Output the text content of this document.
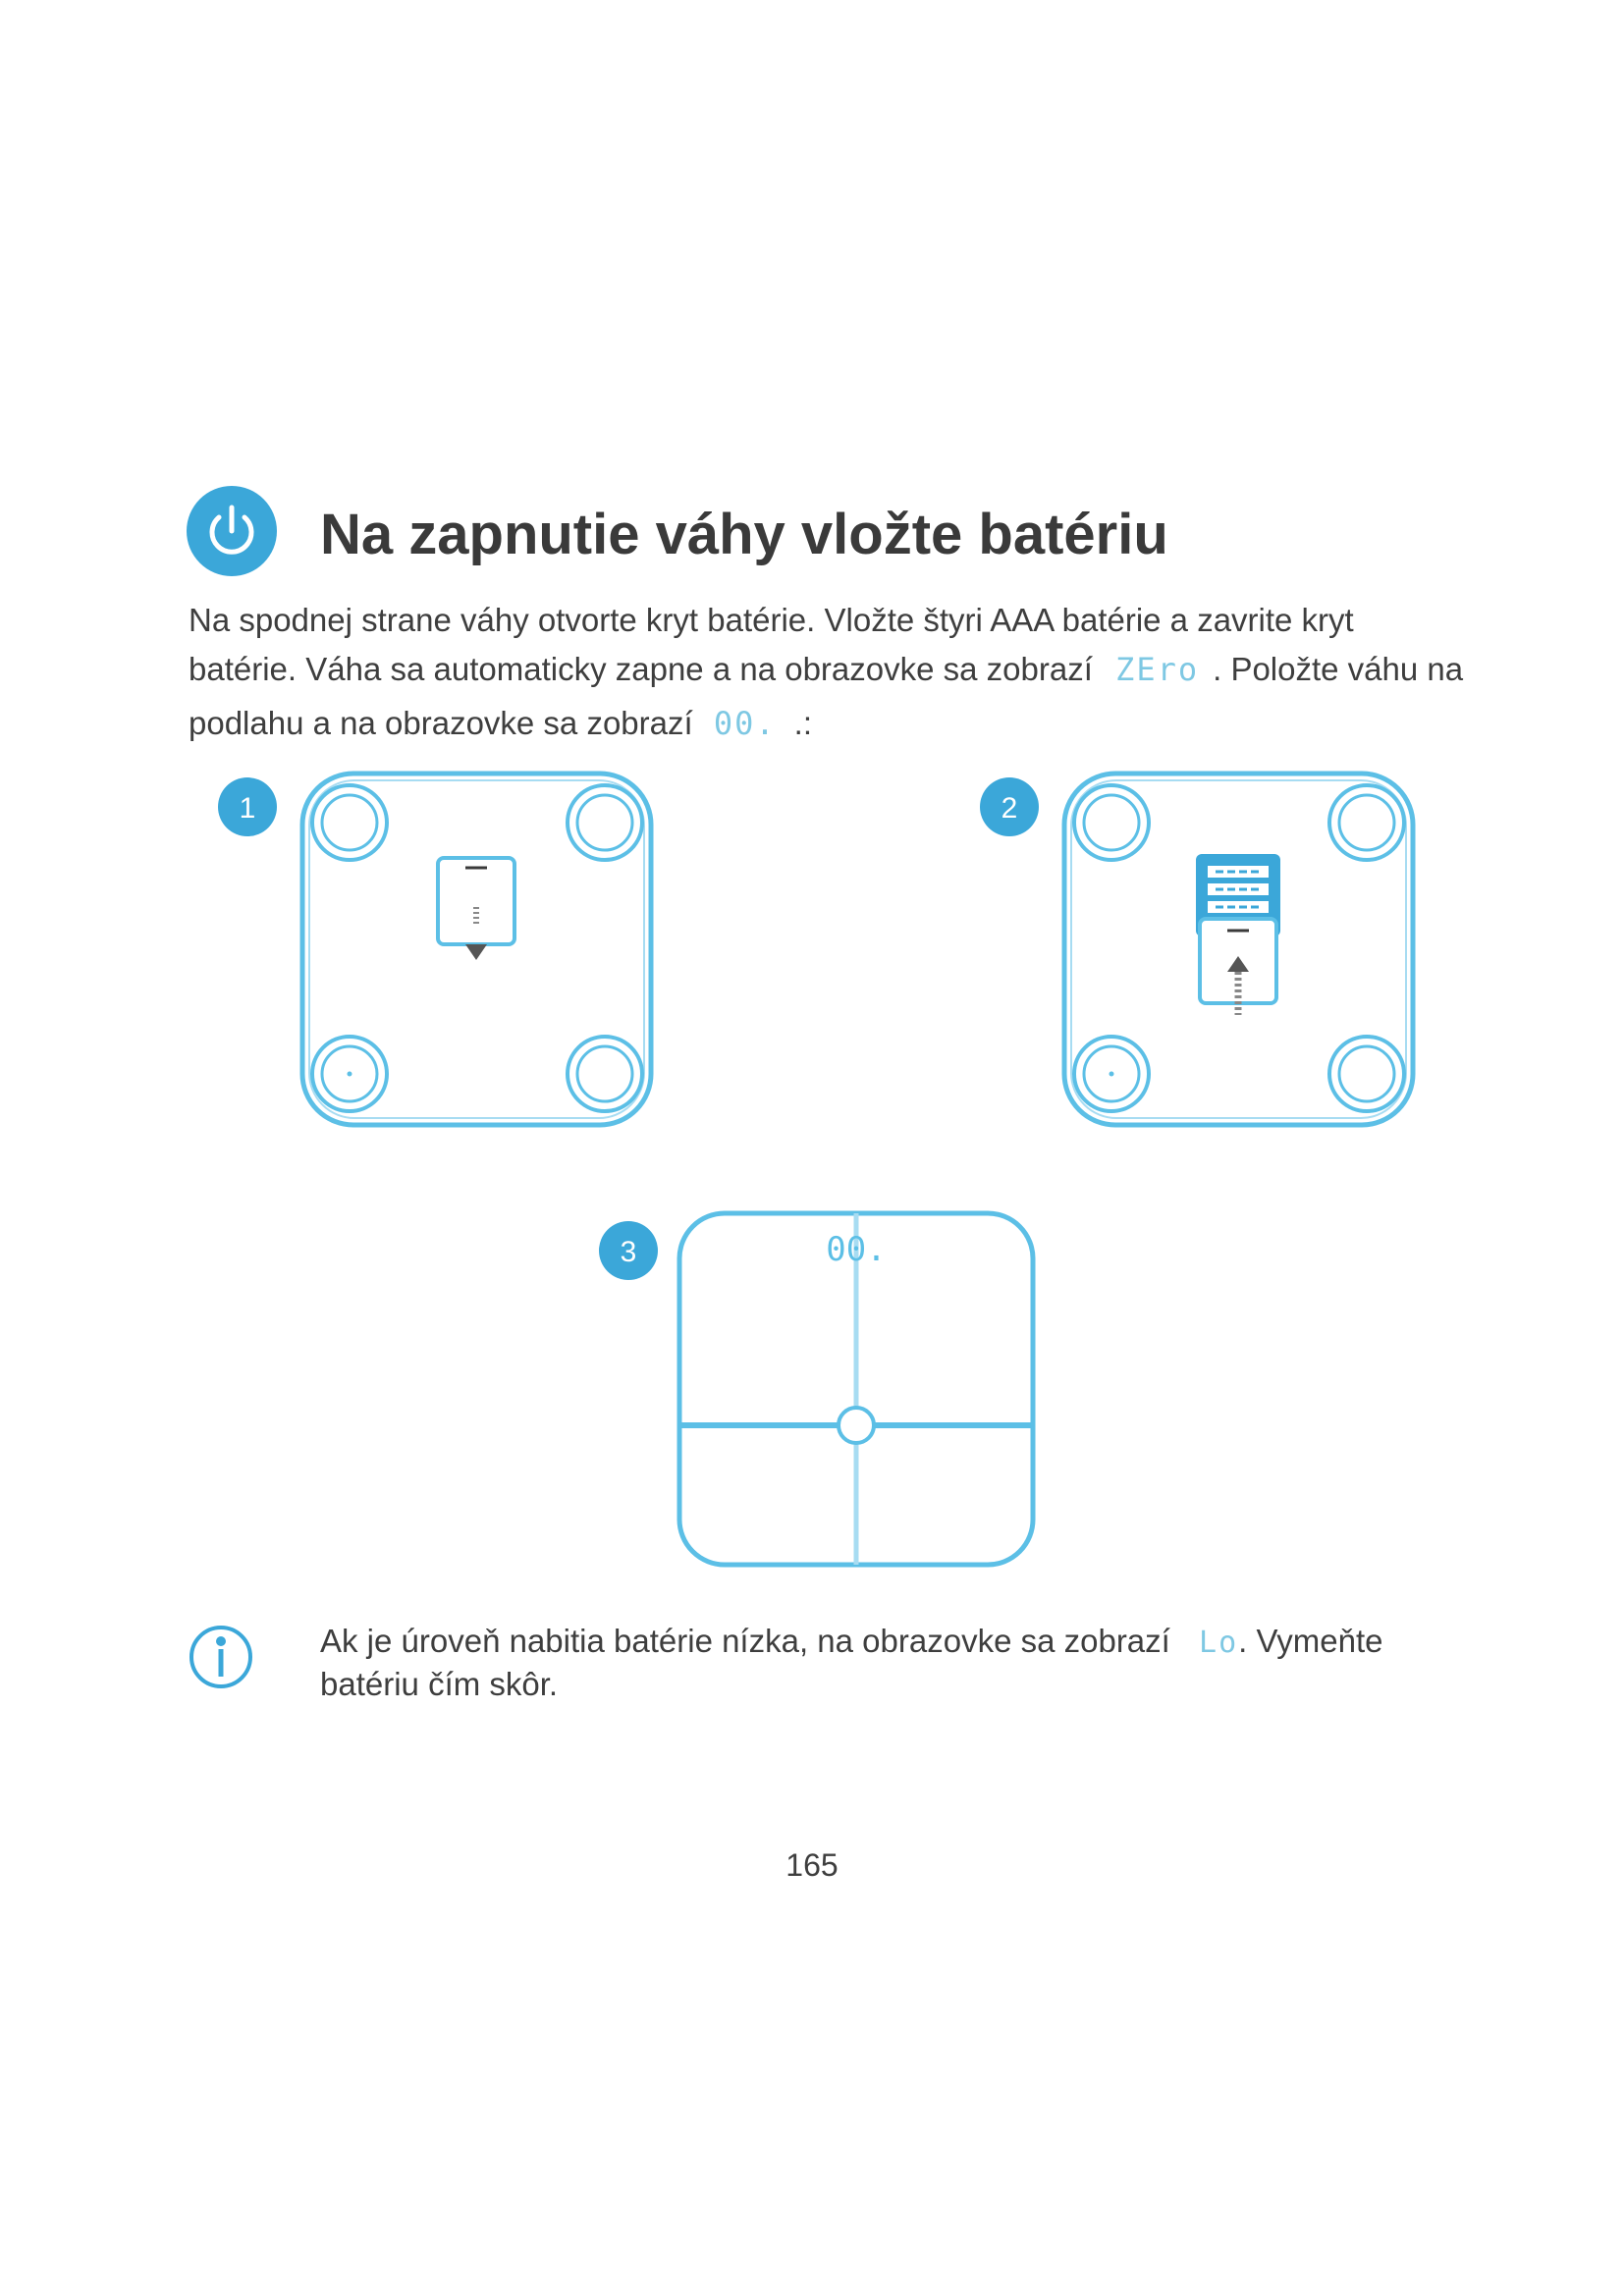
Na zapnutie váhy vložte batériu
Na spodnej strane váhy otvorte kryt batérie. Vložte štyri AAA batérie a zavrite kryt
batérie. Váha sa automaticky zapne a na obrazovke sa zobrazí ZEro . Položte váhu na
podlahu a na obrazovke sa zobrazí 00. .:
1	2
3	00.
Ak je úroveň nabitia batérie nízka, na obrazovke sa zobrazí Lo. Vymeňte
batériu čím skôr.
165
